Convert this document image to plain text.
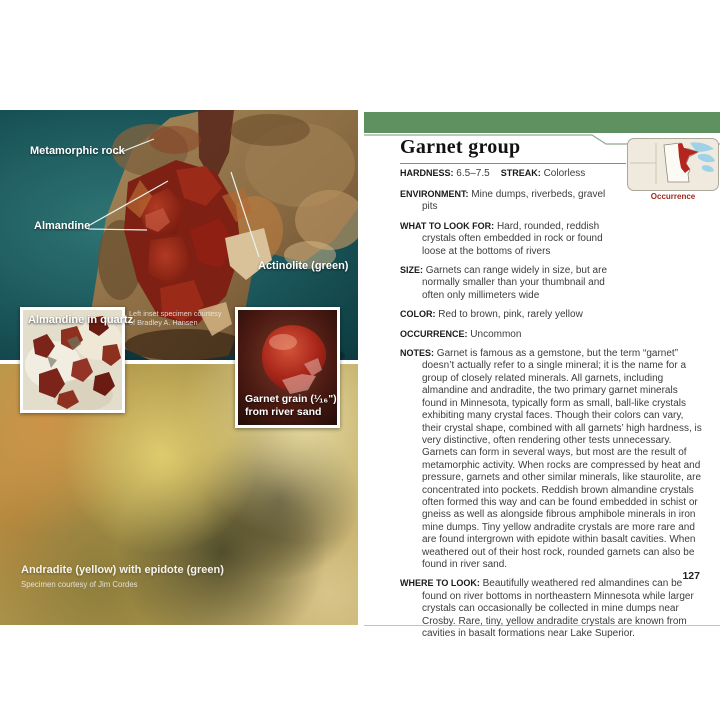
Metamorphic rock
Almandine
Actinolite (green)
Left inset specimen courtesy of Bradley A. Hansen
Almandine in quartz
Garnet grain (¹⁄₁₆")
from river sand
Andradite (yellow) with epidote (green)
Specimen courtesy of Jim Cordes
Garnet group
HARDNESS: 6.5–7.5 STREAK: Colorless
Occurrence

ENVIRONMENT: Mine dumps, riverbeds, gravel pits

WHAT TO LOOK FOR: Hard, rounded, reddish crystals often embedded in rock or found loose at the bottoms of rivers

SIZE: Garnets can range widely in size, but are normally smaller than your thumbnail and often only millimeters wide

COLOR: Red to brown, pink, rarely yellow

OCCURRENCE: Uncommon

NOTES: Garnet is famous as a gemstone, but the term “garnet” doesn’t actually refer to a single mineral; it is the name for a group of closely related minerals. All garnets, including almandine and andradite, the two primary garnet minerals found in Minnesota, typically form as small, ball-like crystals exhibiting many crystal faces. Though their colors can vary, their crystal shape, combined with all garnets’ high hardness, is very distinctive, often rendering other tests unnecessary. Garnets can form in several ways, but most are the result of metamorphic activity. When rocks are compressed by heat and pressure, garnets and other similar minerals, like staurolite, are concentrated into pockets. Reddish brown almandine crystals often formed this way and can be found embedded in schist or gneiss as well as alongside fibrous amphibole minerals in iron mine dumps. Tiny yellow andradite crystals are more rare and are found intergrown with epidote within basalt cavities. When weathered out of their host rock, rounded garnets can also be found in river sand.

WHERE TO LOOK: Beautifully weathered red almandines can be found on river bottoms in northeastern Minnesota while larger crystals can occasionally be collected in mine dumps near Crosby. Rare, tiny, yellow andradite crystals are known from cavities in basalt formations near Lake Superior.

127
